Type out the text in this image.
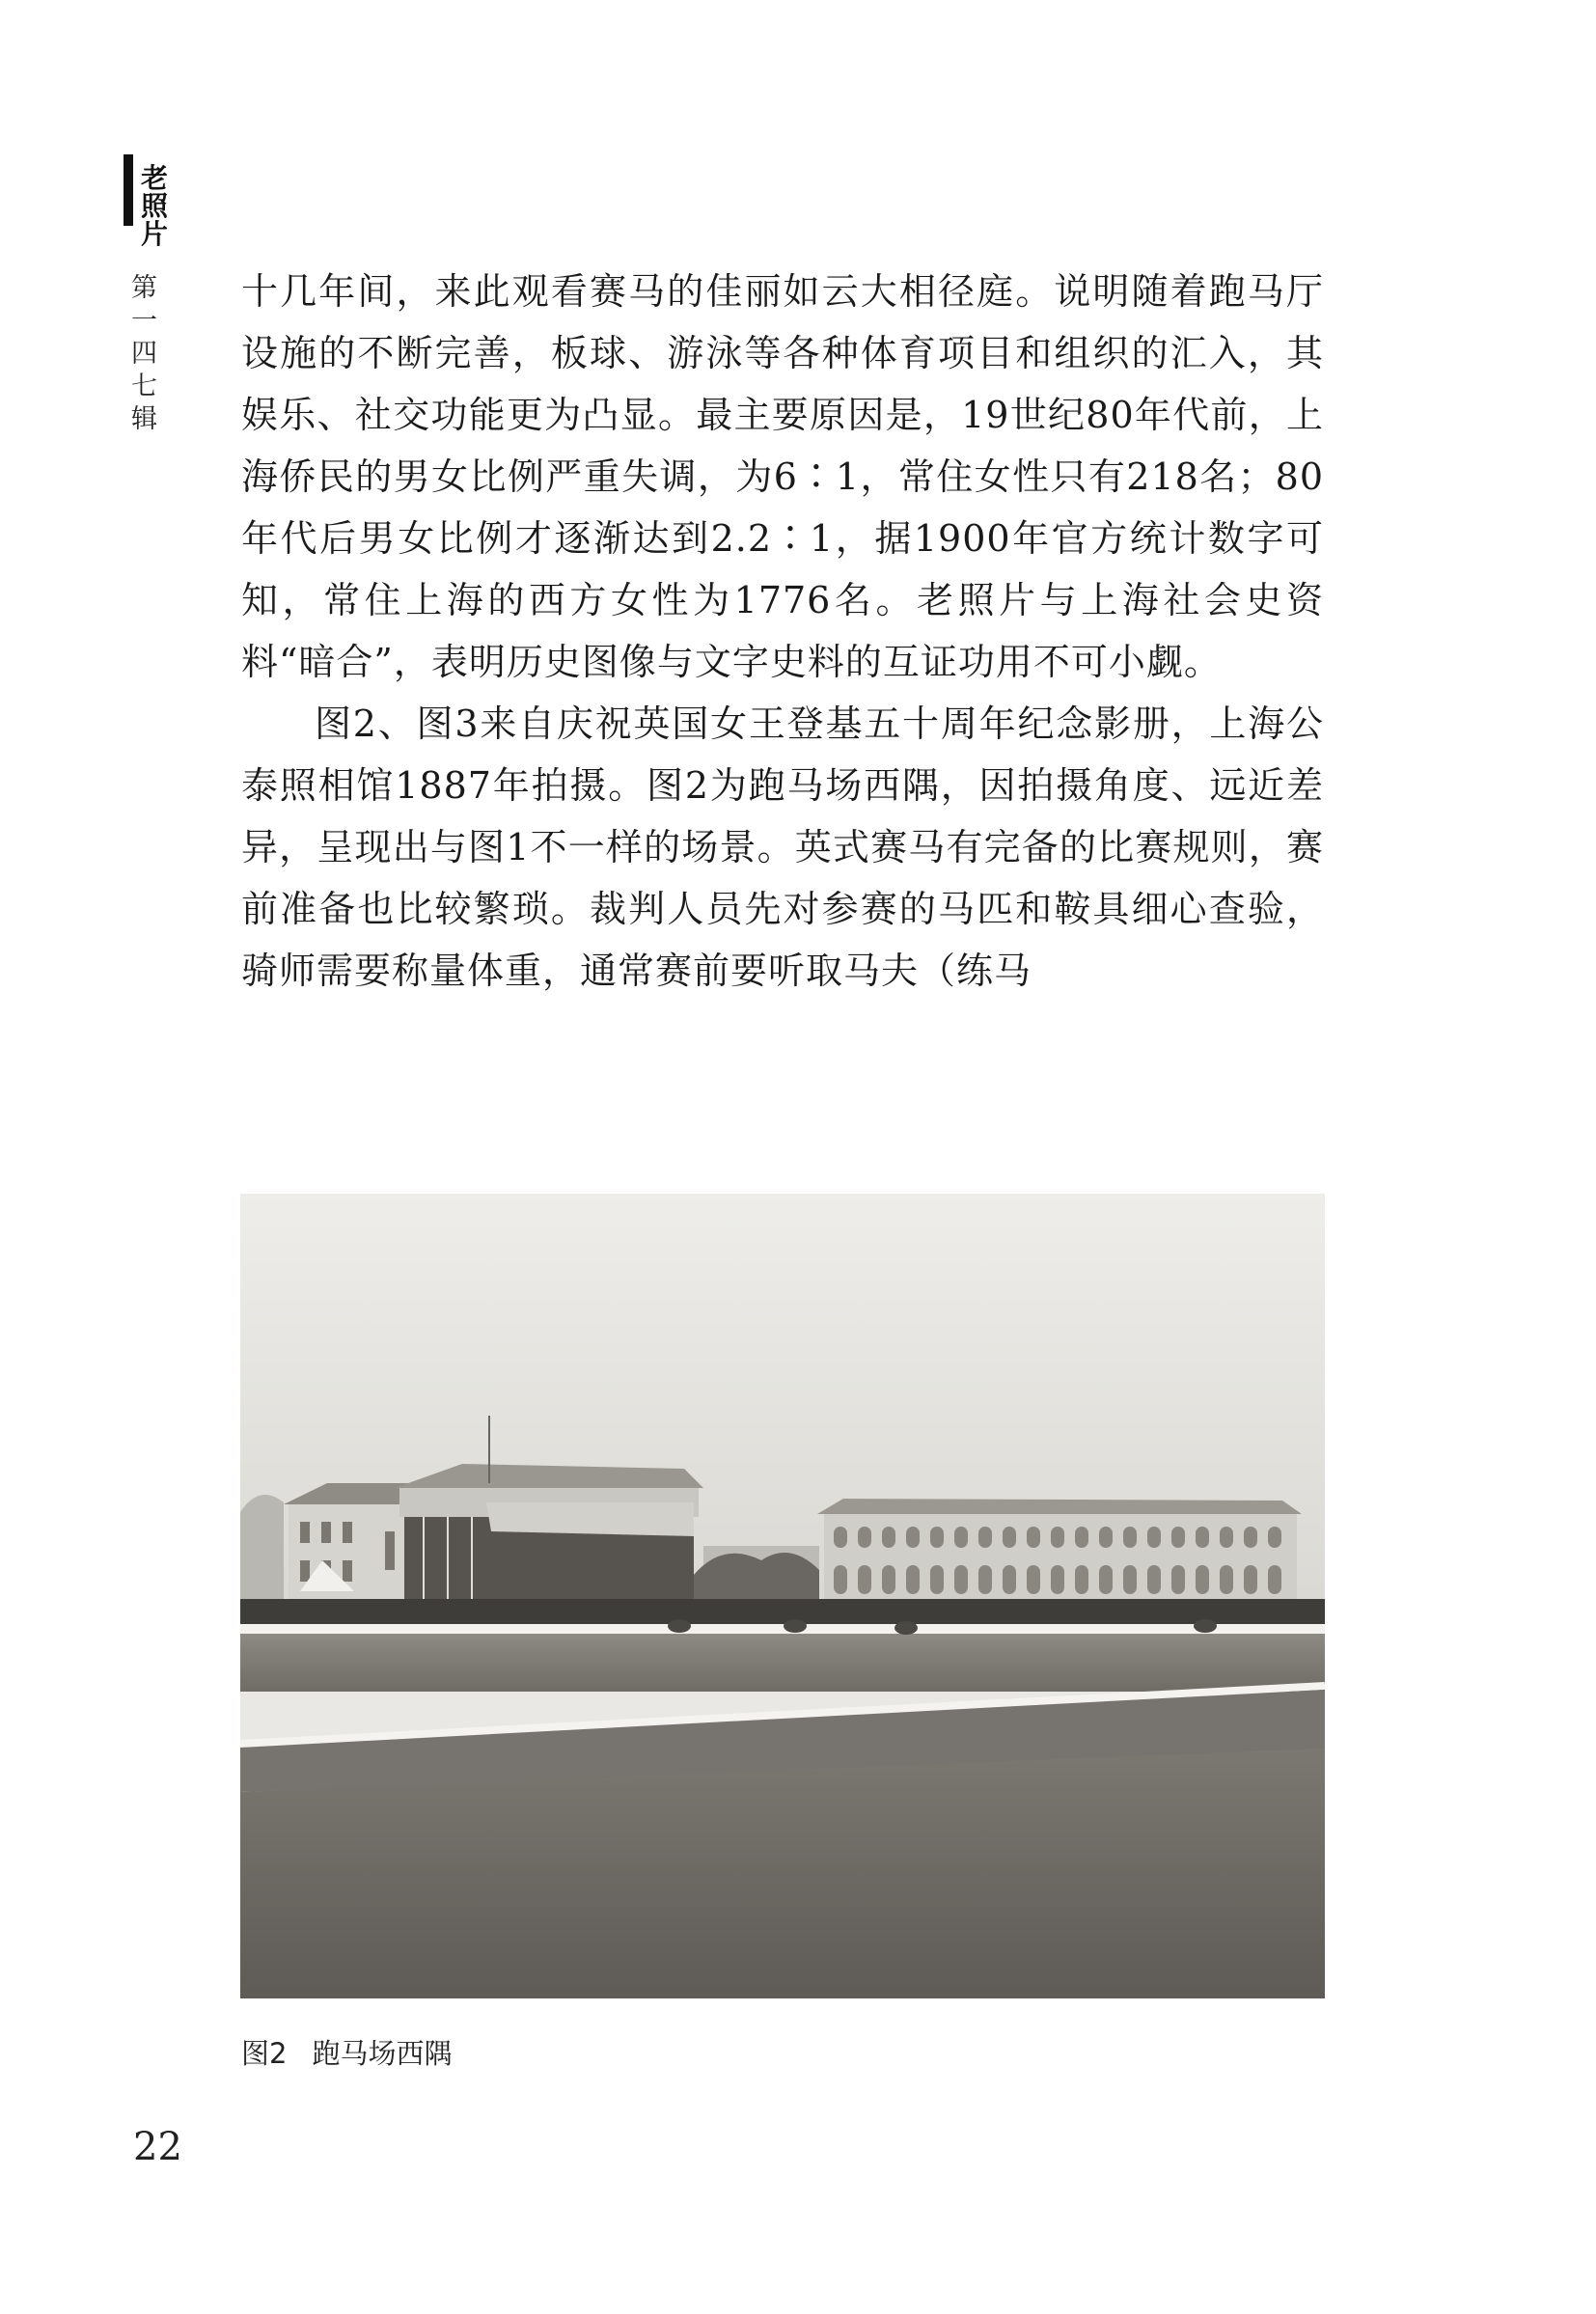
老照片
第一四七辑

十几年间，来此观看赛马的佳丽如云大相径庭。说明随着跑马厅设施的不断完善，板球、游泳等各种体育项目和组织的汇入，其娱乐、社交功能更为凸显。最主要原因是，19世纪80年代前，上海侨民的男女比例严重失调，为6∶1，常住女性只有218名；80年代后男女比例才逐渐达到2.2∶1，据1900年官方统计数字可知，常住上海的西方女性为1776名。老照片与上海社会史资料“暗合”，表明历史图像与文字史料的互证功用不可小觑。

图2、图3来自庆祝英国女王登基五十周年纪念影册，上海公泰照相馆1887年拍摄。图2为跑马场西隅，因拍摄角度、远近差异，呈现出与图1不一样的场景。英式赛马有完备的比赛规则，赛前准备也比较繁琐。裁判人员先对参赛的马匹和鞍具细心查验，骑师需要称量体重，通常赛前要听取马夫（练马

图2 跑马场西隅
22
